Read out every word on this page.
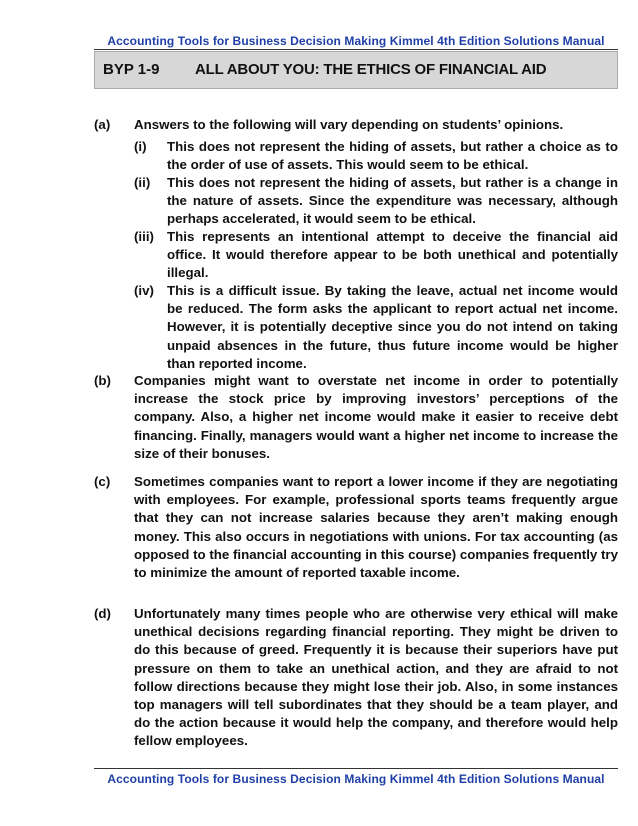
Accounting Tools for Business Decision Making Kimmel 4th Edition Solutions Manual
BYP 1-9 ALL ABOUT YOU: THE ETHICS OF FINANCIAL AID
(a) Answers to the following will vary depending on students’ opinions.
(i) This does not represent the hiding of assets, but rather a choice as to the order of use of assets. This would seem to be ethical.
(ii) This does not represent the hiding of assets, but rather is a change in the nature of assets. Since the expenditure was necessary, although perhaps accelerated, it would seem to be ethical.
(iii) This represents an intentional attempt to deceive the financial aid office. It would therefore appear to be both unethical and potentially illegal.
(iv) This is a difficult issue. By taking the leave, actual net income would be reduced. The form asks the applicant to report actual net income. However, it is potentially deceptive since you do not intend on taking unpaid absences in the future, thus future income would be higher than reported income.
(b) Companies might want to overstate net income in order to potentially increase the stock price by improving investors’ perceptions of the company. Also, a higher net income would make it easier to receive debt financing. Finally, managers would want a higher net income to increase the size of their bonuses.
(c) Sometimes companies want to report a lower income if they are negotiating with employees. For example, professional sports teams frequently argue that they can not increase salaries because they aren’t making enough money. This also occurs in negotiations with unions. For tax accounting (as opposed to the financial accounting in this course) companies frequently try to minimize the amount of reported taxable income.
(d) Unfortunately many times people who are otherwise very ethical will make unethical decisions regarding financial reporting. They might be driven to do this because of greed. Frequently it is because their superiors have put pressure on them to take an unethical action, and they are afraid to not follow directions because they might lose their job. Also, in some instances top managers will tell subordinates that they should be a team player, and do the action because it would help the company, and therefore would help fellow employees.
Accounting Tools for Business Decision Making Kimmel 4th Edition Solutions Manual
